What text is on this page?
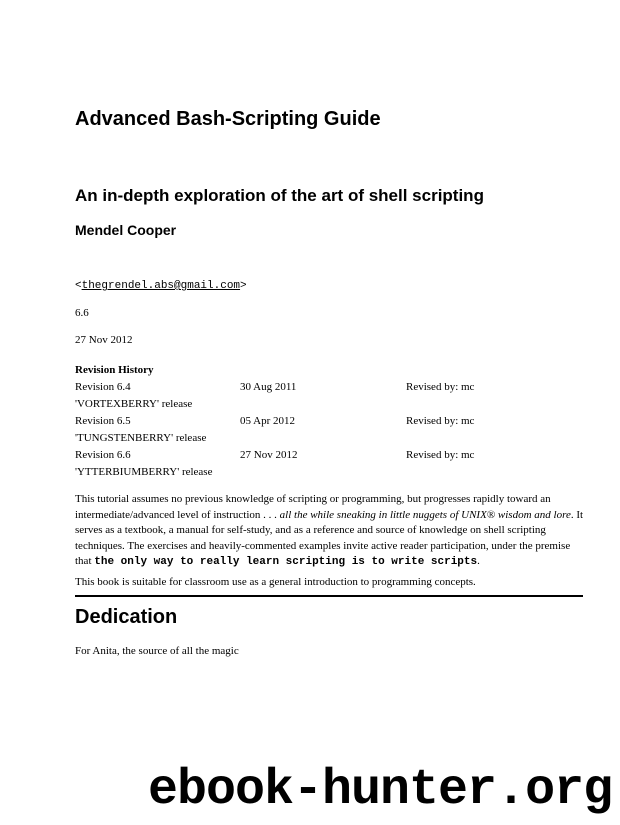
Advanced Bash-Scripting Guide
An in-depth exploration of the art of shell scripting
Mendel Cooper
<thegrendel.abs@gmail.com>
6.6
27 Nov 2012
Revision History
Revision 6.4	30 Aug 2011	Revised by: mc
'VORTEXBERRY' release
Revision 6.5	05 Apr 2012	Revised by: mc
'TUNGSTENBERRY' release
Revision 6.6	27 Nov 2012	Revised by: mc
'YTTERBIUMBERRY' release
This tutorial assumes no previous knowledge of scripting or programming, but progresses rapidly toward an intermediate/advanced level of instruction . . . all the while sneaking in little nuggets of UNIX® wisdom and lore. It serves as a textbook, a manual for self-study, and as a reference and source of knowledge on shell scripting techniques. The exercises and heavily-commented examples invite active reader participation, under the premise that the only way to really learn scripting is to write scripts.
This book is suitable for classroom use as a general introduction to programming concepts.
Dedication
For Anita, the source of all the magic
ebook-hunter.org
